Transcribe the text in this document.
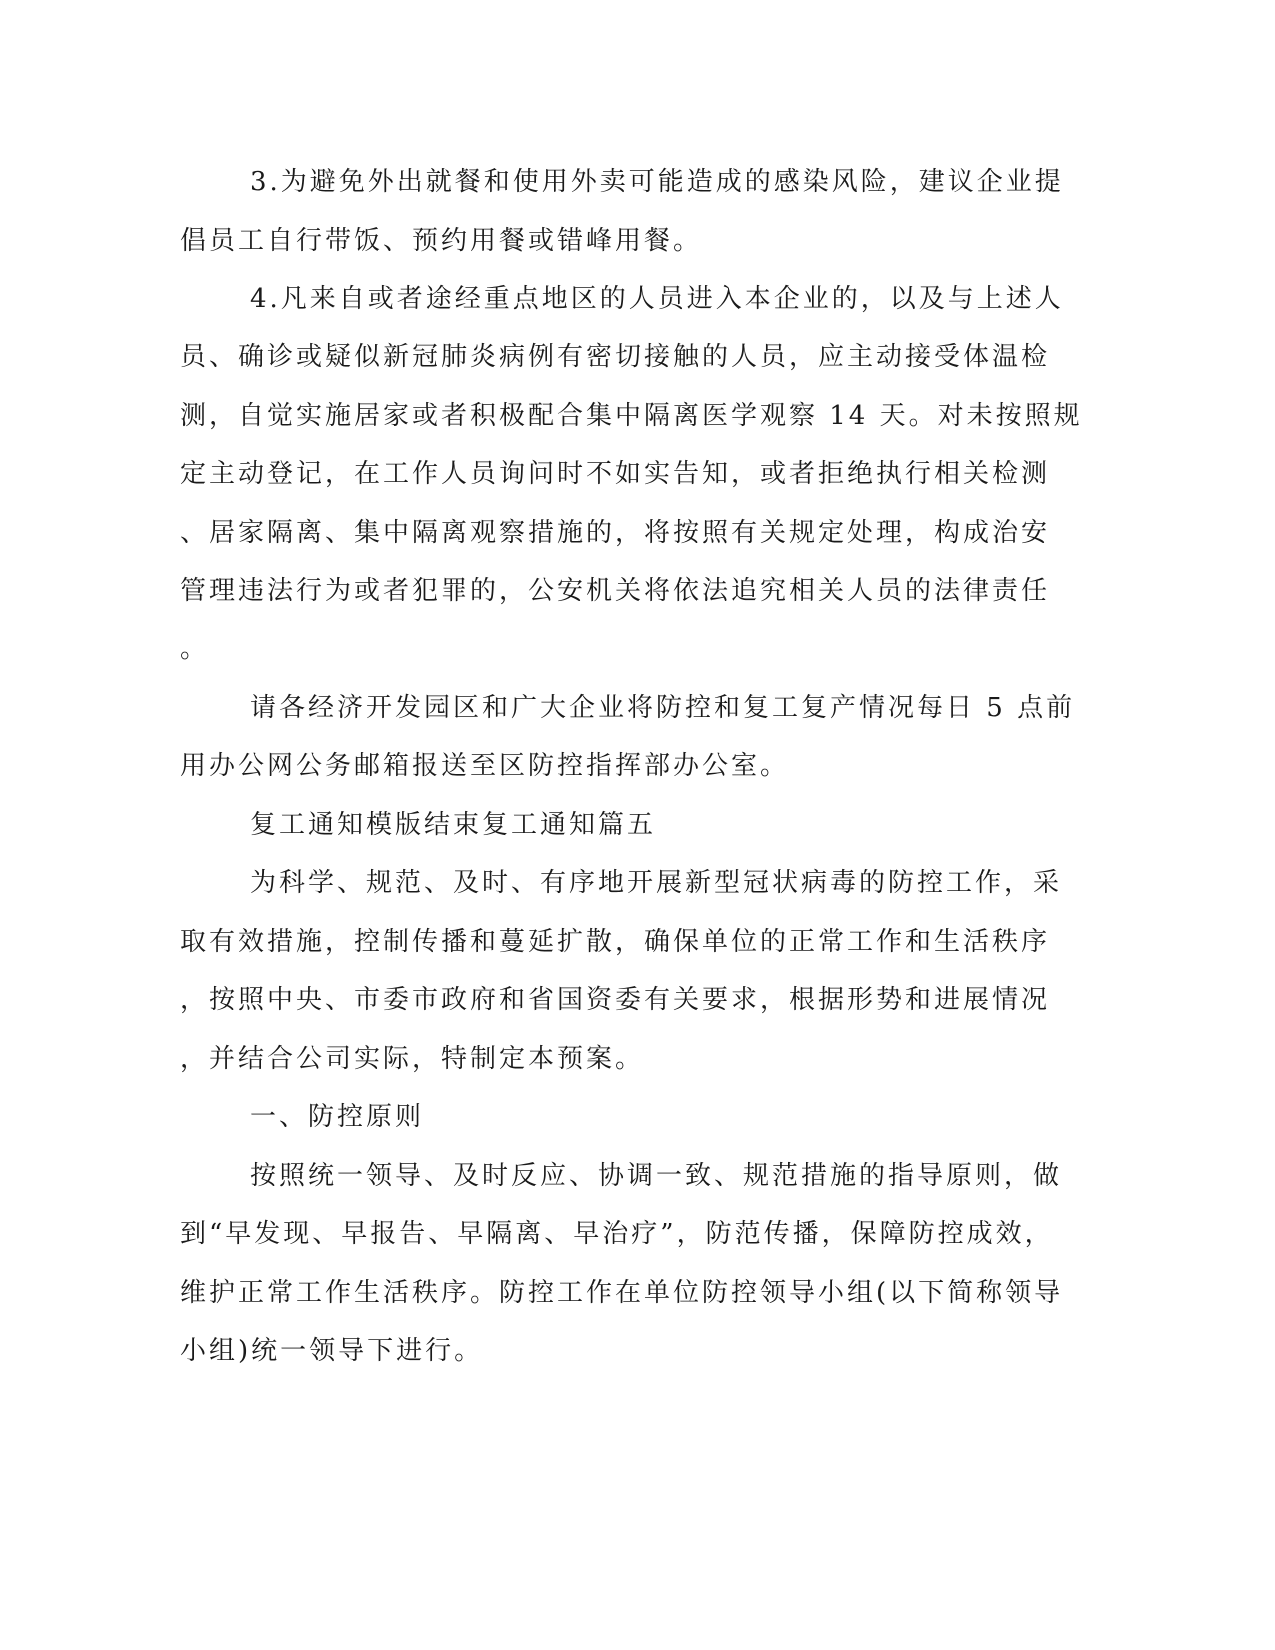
3.为避免外出就餐和使用外卖可能造成的感染风险，建议企业提
倡员工自行带饭、预约用餐或错峰用餐。
4.凡来自或者途经重点地区的人员进入本企业的，以及与上述人
员、确诊或疑似新冠肺炎病例有密切接触的人员，应主动接受体温检
测，自觉实施居家或者积极配合集中隔离医学观察 14 天。对未按照规
定主动登记，在工作人员询问时不如实告知，或者拒绝执行相关检测
、居家隔离、集中隔离观察措施的，将按照有关规定处理，构成治安
管理违法行为或者犯罪的，公安机关将依法追究相关人员的法律责任
。
请各经济开发园区和广大企业将防控和复工复产情况每日 5 点前
用办公网公务邮箱报送至区防控指挥部办公室。
复工通知模版结束复工通知篇五
为科学、规范、及时、有序地开展新型冠状病毒的防控工作，采
取有效措施，控制传播和蔓延扩散，确保单位的正常工作和生活秩序
，按照中央、市委市政府和省国资委有关要求，根据形势和进展情况
，并结合公司实际，特制定本预案。
一、防控原则
按照统一领导、及时反应、协调一致、规范措施的指导原则，做
到“早发现、早报告、早隔离、早治疗”，防范传播，保障防控成效，
维护正常工作生活秩序。防控工作在单位防控领导小组(以下简称领导
小组)统一领导下进行。
